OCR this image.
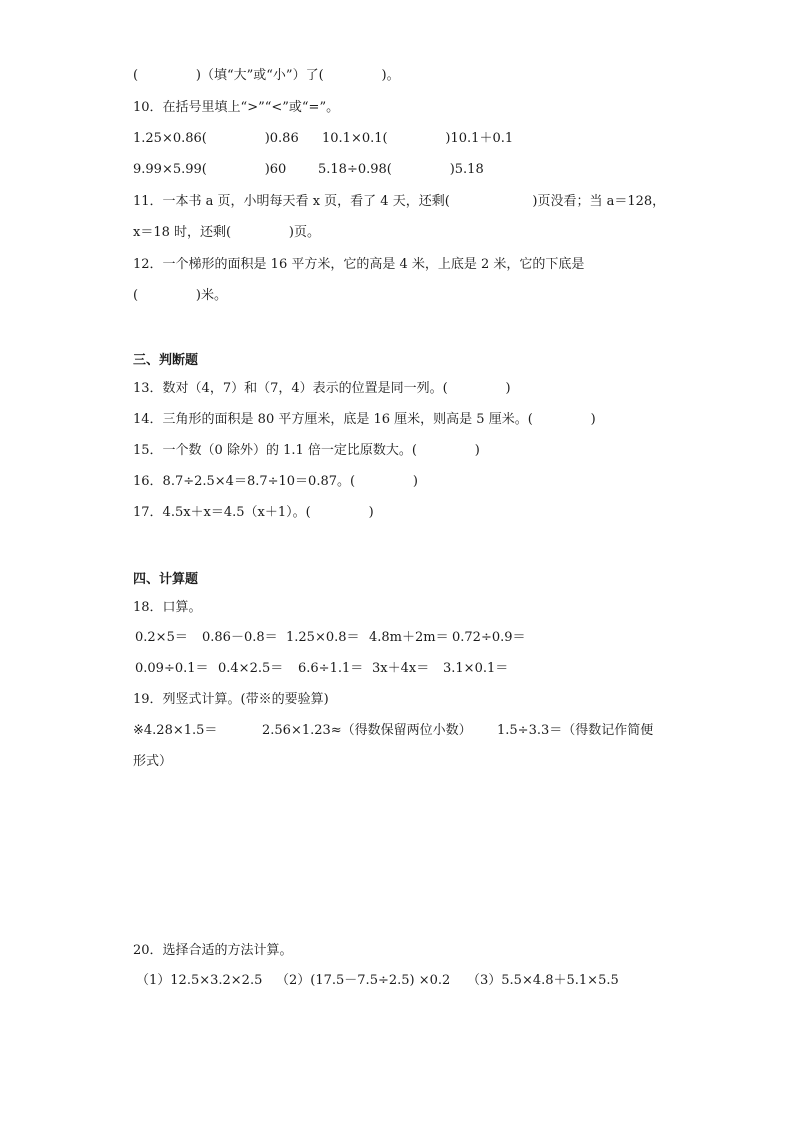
(              )（填“大”或“小”）了(              )。
10．在括号里填上“>”“<”或“=”。
1.25×0.86(              )0.86 10.1×0.1(              )10.1＋0.1
9.99×5.99(              )60 5.18÷0.98(              )5.18
11．一本书 a 页，小明每天看 x 页，看了 4 天，还剩(                    )页没看；当 a＝128，
x＝18 时，还剩(              )页。
12．一个梯形的面积是 16 平方米，它的高是 4 米，上底是 2 米，它的下底是
(              )米。
三、判断题
13．数对（4，7）和（7，4）表示的位置是同一列。(              )
14．三角形的面积是 80 平方厘米，底是 16 厘米，则高是 5 厘米。(              )
15．一个数（0 除外）的 1.1 倍一定比原数大。(              )
16．8.7÷2.5×4＝8.7÷10＝0.87。(              )
17．4.5x＋x＝4.5（x＋1）。(              )
四、计算题
18．口算。
0.2×5＝ 0.86－0.8＝ 1.25×0.8＝ 4.8m＋2m＝ 0.72÷0.9＝
0.09÷0.1＝ 0.4×2.5＝ 6.6÷1.1＝ 3x＋4x＝ 3.1×0.1＝
19．列竖式计算。(带※的要验算)
※4.28×1.5＝	2.56×1.23≈（得数保留两位小数） 1.5÷3.3＝（得数记作简便
形式）
20．选择合适的方法计算。
（1）12.5×3.2×2.5 （2）(17.5－7.5÷2.5) ×0.2 （3）5.5×4.8＋5.1×5.5
